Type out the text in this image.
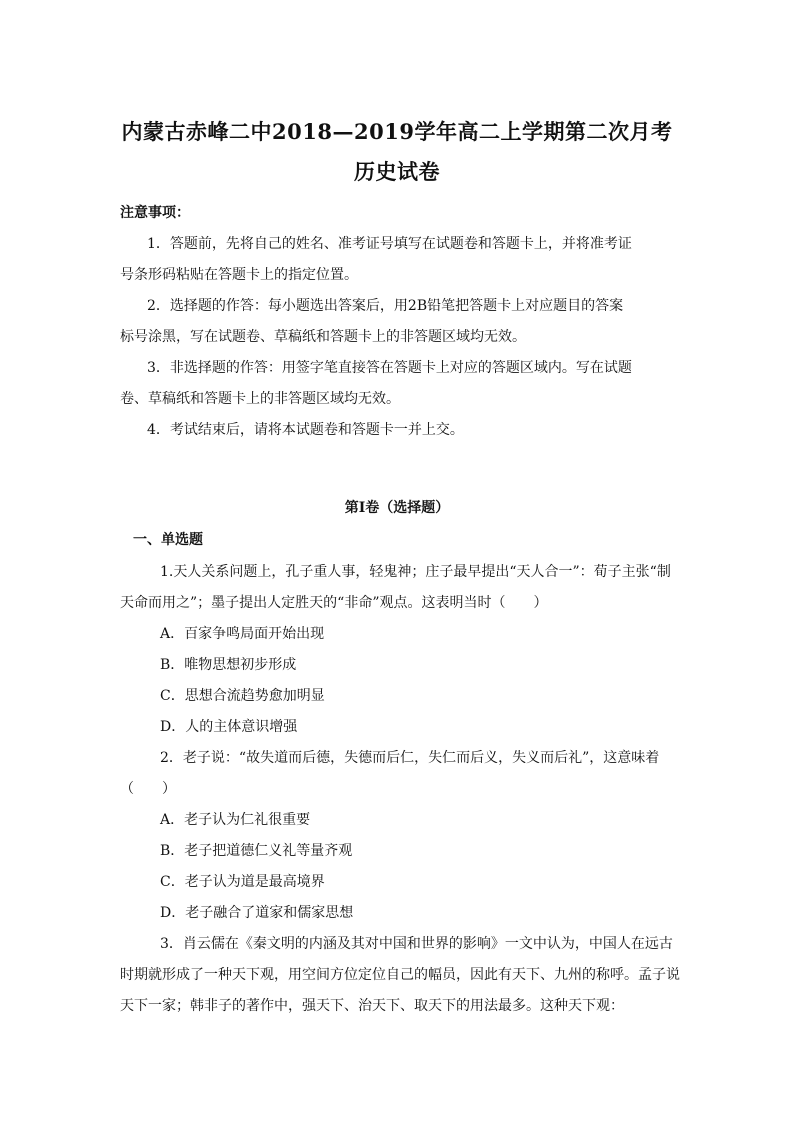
内蒙古赤峰二中2018—2019学年高二上学期第二次月考
历史试卷
注意事项：
1．答题前，先将自己的姓名、准考证号填写在试题卷和答题卡上，并将准考证
号条形码粘贴在答题卡上的指定位置。
2．选择题的作答：每小题选出答案后，用2B铅笔把答题卡上对应题目的答案
标号涂黑，写在试题卷、草稿纸和答题卡上的非答题区域均无效。
3．非选择题的作答：用签字笔直接答在答题卡上对应的答题区域内。写在试题
卷、草稿纸和答题卡上的非答题区域均无效。
4．考试结束后，请将本试题卷和答题卡一并上交。
第I卷（选择题）
一、单选题
1.天人关系问题上，孔子重人事，轻鬼神；庄子最早提出“天人合一”：荀子主张“制
天命而用之”；墨子提出人定胜天的“非命”观点。这表明当时（　　）
A．百家争鸣局面开始出现
B．唯物思想初步形成
C．思想合流趋势愈加明显
D．人的主体意识增强
2．老子说：“故失道而后德，失德而后仁，失仁而后义，失义而后礼”，这意味着
（　　）
A．老子认为仁礼很重要
B．老子把道德仁义礼等量齐观
C．老子认为道是最高境界
D．老子融合了道家和儒家思想
3．肖云儒在《秦文明的内涵及其对中国和世界的影响》一文中认为，中国人在远古
时期就形成了一种天下观，用空间方位定位自己的幅员，因此有天下、九州的称呼。孟子说
天下一家；韩非子的著作中，强天下、治天下、取天下的用法最多。这种天下观：
